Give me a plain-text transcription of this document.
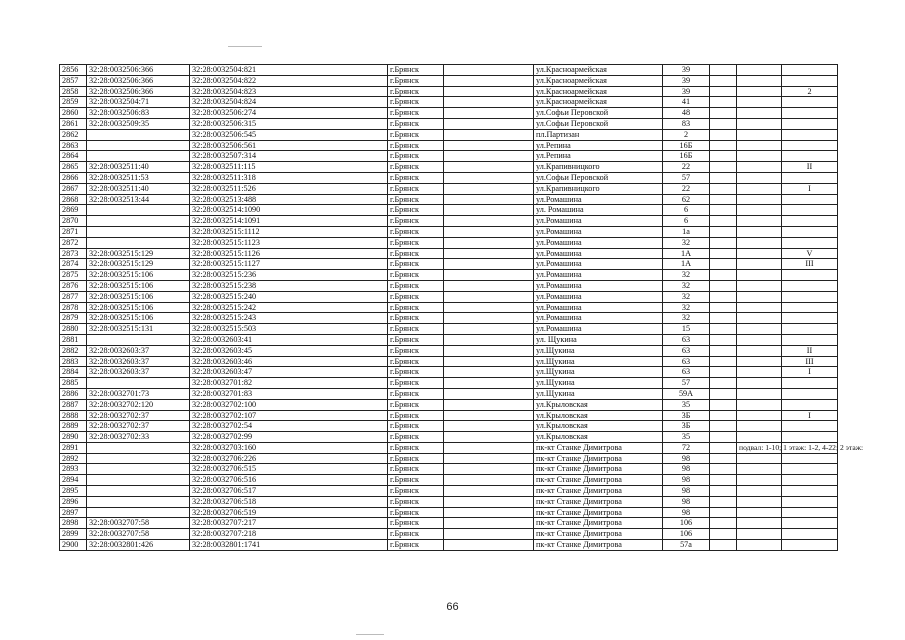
2856	32:28:0032506:366	32:28:0032504:821	г.Брянск		ул.Красноармейская	39			
2857	32:28:0032506:366	32:28:0032504:822	г.Брянск		ул.Красноармейская	39			
2858	32:28:0032506:366	32:28:0032504:823	г.Брянск		ул.Красноармейская	39			2
2859	32:28:0032504:71	32:28:0032504:824	г.Брянск		ул.Красноармейская	41			
2860	32:28:0032506:83	32:28:0032506:274	г.Брянск		ул.Софьи Перовской	48			
2861	32:28:0032509:35	32:28:0032506:315	г.Брянск		ул.Софьи Перовской	83			
2862		32:28:0032506:545	г.Брянск		пл.Партизан	2			
2863		32:28:0032506:561	г.Брянск		ул.Репина	16Б			
2864		32:28:0032507:314	г.Брянск		ул.Репина	16Б			
2865	32:28:0032511:40	32:28:0032511:115	г.Брянск		ул.Крапивницкого	22			II
2866	32:28:0032511:53	32:28:0032511:318	г.Брянск		ул.Софьи Перовской	57			
2867	32:28:0032511:40	32:28:0032511:526	г.Брянск		ул.Крапивницкого	22			I
2868	32:28:0032513:44	32:28:0032513:488	г.Брянск		ул.Ромашина	62			
2869		32:28:0032514:1090	г.Брянск		ул. Ромашина	6			
2870		32:28:0032514:1091	г.Брянск		ул.Ромашина	6			
2871		32:28:0032515:1112	г.Брянск		ул.Ромашина	1а			
2872		32:28:0032515:1123	г.Брянск		ул.Ромашина	32			
2873	32:28:0032515:129	32:28:0032515:1126	г.Брянск		ул.Ромашина	1А			V
2874	32:28:0032515:129	32:28:0032515:1127	г.Брянск		ул.Ромашина	1А			III
2875	32:28:0032515:106	32:28:0032515:236	г.Брянск		ул.Ромашина	32			
2876	32:28:0032515:106	32:28:0032515:238	г.Брянск		ул.Ромашина	32			
2877	32:28:0032515:106	32:28:0032515:240	г.Брянск		ул.Ромашина	32			
2878	32:28:0032515:106	32:28:0032515:242	г.Брянск		ул.Ромашина	32			
2879	32:28:0032515:106	32:28:0032515:243	г.Брянск		ул.Ромашина	32			
2880	32:28:0032515:131	32:28:0032515:503	г.Брянск		ул.Ромашина	15			
2881		32:28:0032603:41	г.Брянск		ул. Щукина	63			
2882	32:28:0032603:37	32:28:0032603:45	г.Брянск		ул.Щукина	63			II
2883	32:28:0032603:37	32:28:0032603:46	г.Брянск		ул.Щукина	63			III
2884	32:28:0032603:37	32:28:0032603:47	г.Брянск		ул.Щукина	63			I
2885		32:28:0032701:82	г.Брянск		ул.Щукина	57			
2886	32:28:0032701:73	32:28:0032701:83	г.Брянск		ул.Щукина	59А			
2887	32:28:0032702:120	32:28:0032702:100	г.Брянск		ул.Крыловская	35			
2888	32:28:0032702:37	32:28:0032702:107	г.Брянск		ул.Крыловская	3Б			I
2889	32:28:0032702:37	32:28:0032702:54	г.Брянск		ул.Крыловская	3Б			
2890	32:28:0032702:33	32:28:0032702:99	г.Брянск		ул.Крыловская	35			
2891		32:28:0032703:160	г.Брянск		пк-кт Станке Димитрова	72		подвал: 1-10; 1 этаж: 1-2, 4-22; 2 этаж:	
2892		32:28:0032706:226	г.Брянск		пк-кт Станке Димитрова	98			
2893		32:28:0032706:515	г.Брянск		пк-кт Станке Димитрова	98			
2894		32:28:0032706:516	г.Брянск		пк-кт Станке Димитрова	98			
2895		32:28:0032706:517	г.Брянск		пк-кт Станке Димитрова	98			
2896		32:28:0032706:518	г.Брянск		пк-кт Станке Димитрова	98			
2897		32:28:0032706:519	г.Брянск		пк-кт Станке Димитрова	98			
2898	32:28:0032707:58	32:28:0032707:217	г.Брянск		пк-кт Станке Димитрова	106			
2899	32:28:0032707:58	32:28:0032707:218	г.Брянск		пк-кт Станке Димитрова	106			
2900	32:28:0032801:426	32:28:0032801:1741	г.Брянск		пк-кт Станке Димитрова	57а			
66
